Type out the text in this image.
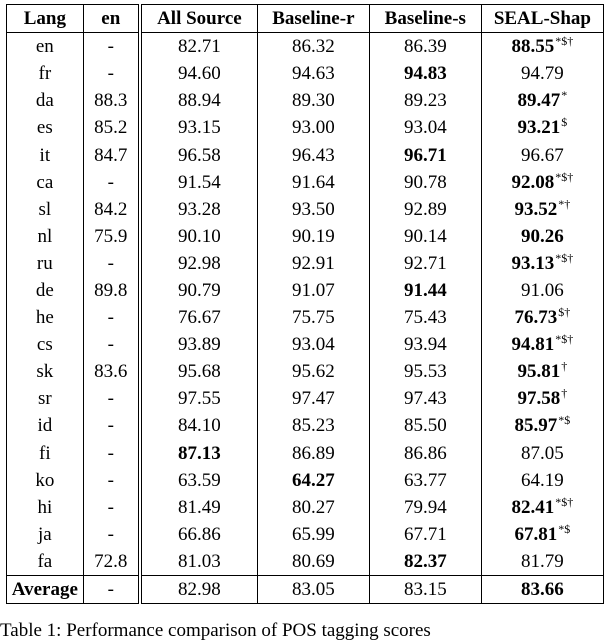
Lang	en	All Source	Baseline-r	Baseline-s	SEAL-Shap
en	-	82.71	86.32	86.39	88.55*$†
fr	-	94.60	94.63	94.83	94.79
da	88.3	88.94	89.30	89.23	89.47*
es	85.2	93.15	93.00	93.04	93.21$
it	84.7	96.58	96.43	96.71	96.67
ca	-	91.54	91.64	90.78	92.08*$†
sl	84.2	93.28	93.50	92.89	93.52*†
nl	75.9	90.10	90.19	90.14	90.26
ru	-	92.98	92.91	92.71	93.13*$†
de	89.8	90.79	91.07	91.44	91.06
he	-	76.67	75.75	75.43	76.73$†
cs	-	93.89	93.04	93.94	94.81*$†
sk	83.6	95.68	95.62	95.53	95.81†
sr	-	97.55	97.47	97.43	97.58†
id	-	84.10	85.23	85.50	85.97*$
fi	-	87.13	86.89	86.86	87.05
ko	-	63.59	64.27	63.77	64.19
hi	-	81.49	80.27	79.94	82.41*$†
ja	-	66.86	65.99	67.71	67.81*$
fa	72.8	81.03	80.69	82.37	81.79
Average	-	82.98	83.05	83.15	83.66
Table 1: Performance comparison of POS tagging scores
